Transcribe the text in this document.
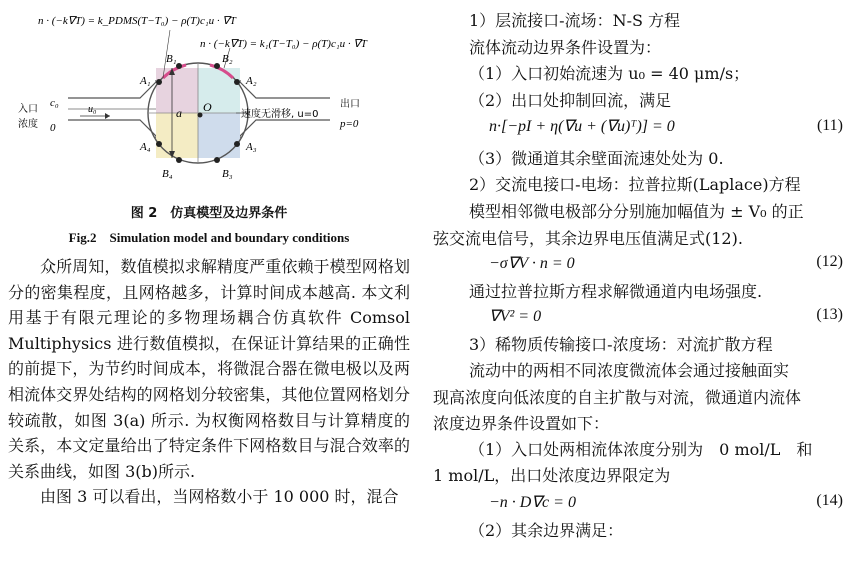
n · (−k∇T) = k_PDMS(T−T₀) − ρ(T)c₁u · ∇T
n · (−k∇T) = k₁(T−T₀) − ρ(T)c₁u · ∇T
入口
浓度
c₀
0
u₀	出口
p=0
速度无滑移, u=0
a O
A₁	A₂
A₃
A₄
B₁	B₂
B₃
B₄
图 2　仿真模型及边界条件
Fig.2　Simulation model and boundary conditions

众所周知，数值模拟求解精度严重依赖于模型网格划分的密集程度，且网格越多，计算时间成本越高. 本文利用基于有限元理论的多物理场耦合仿真软件 Comsol Multiphysics 进行数值模拟，在保证计算结果的正确性的前提下，为节约时间成本，将微混合器在微电极以及两相流体交界处结构的网格划分较密集，其他位置网格划分较疏散，如图 3(a) 所示. 为权衡网格数目与计算精度的关系，本文定量给出了特定条件下网格数目与混合效率的关系曲线，如图 3(b)所示.

由图 3 可以看出，当网格数小于 10 000 时，混合

1）层流接口-流场：N-S 方程
流体流动边界条件设置为：
（1）入口初始流速为 u₀ = 40 μm/s；
（2）出口处抑制回流，满足
n·[−pI + η(∇u + (∇u)ᵀ)] = 0	(11)
（3）微通道其余壁面流速处处为 0.
2）交流电接口-电场：拉普拉斯(Laplace)方程
模型相邻微电极部分分别施加幅值为 ± V₀ 的正
弦交流电信号，其余边界电压值满足式(12).
−σ∇V · n = 0	(12)
通过拉普拉斯方程求解微通道内电场强度.
∇V² = 0	(13)
3）稀物质传输接口-浓度场：对流扩散方程
流动中的两相不同浓度微流体会通过接触面实
现高浓度向低浓度的自主扩散与对流，微通道内流体
浓度边界条件设置如下：
（1）入口处两相流体浓度分别为　0 mol/L　和
1 mol/L，出口处浓度边界限定为
−n · D∇c = 0	(14)
（2）其余边界满足：
